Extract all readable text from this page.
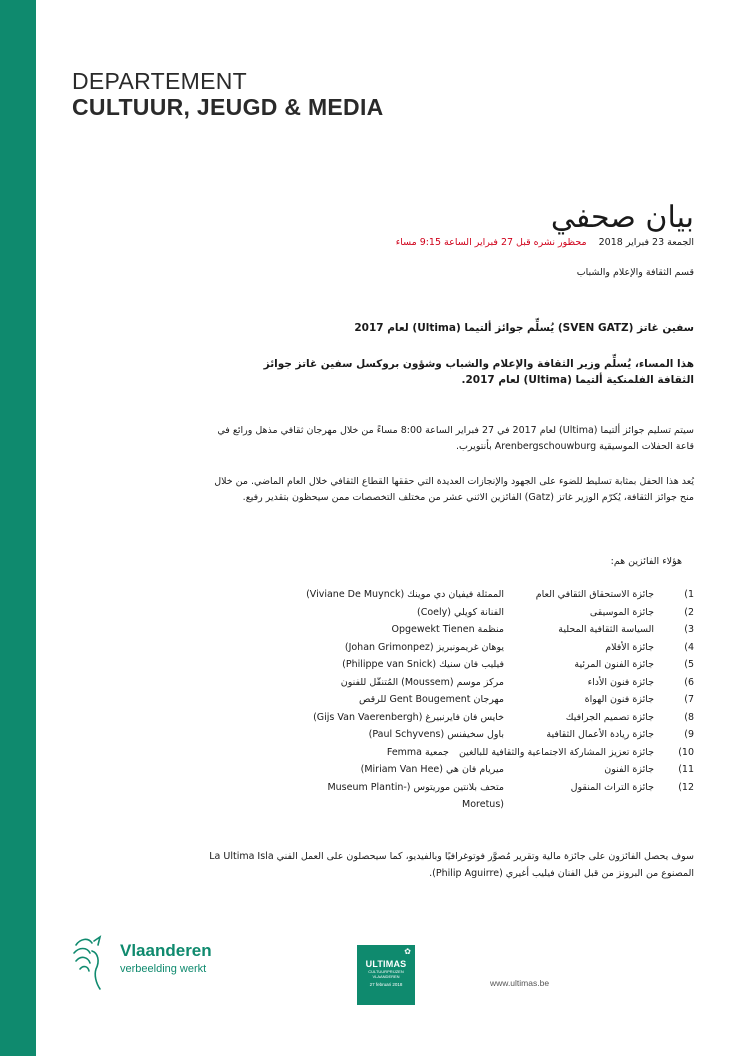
DEPARTEMENT
CULTUUR, JEUGD & MEDIA
بيان صحفي
الجمعة 23 فبراير 2018    محظور نشره قبل 27 فبراير الساعة 9:15 مساء
قسم الثقافة والإعلام والشباب
سفين غاتز (SVEN GATZ) يُسلِّم جوائز ألتيما (Ultima) لعام 2017
هذا المساء، يُسلِّم وزير الثقافة والإعلام والشباب وشؤون بروكسل سفين غاتز جوائز الثقافة الفلمنكية ألتيما (Ultima) لعام 2017.
سيتم تسليم جوائز ألتيما (Ultima) لعام 2017 في 27 فبراير الساعة 8:00 مساءً من خلال مهرجان ثقافي مذهل ورائع في قاعة الحفلات الموسيقية Arenbergschouwburg بأنتويرب.
يُعد هذا الحفل بمثابة تسليط للضوء على الجهود والإنجازات العديدة التي حققها القطاع الثقافي خلال العام الماضي. من خلال منح جوائز الثقافة، يُكرّم الوزير غاتز (Gatz) الفائزين الاثني عشر من مختلف التخصصات ممن سيحظون بتقدير رفيع.
هؤلاء الفائزين هم:
1)
جائزة الاستحقاق الثقافي العام
الممثلة فيفيان دي موينك (Viviane De Muynck)
2)
جائزة الموسيقى
الفنانة كويلي (Coely)
3)
السياسة الثقافية المحلية
منظمة Opgewekt Tienen
4)
جائزة الأفلام
يوهان غريمونبريز (Johan Grimonpez)
5)
جائزة الفنون المرئية
فيليب فان سنيك (Philippe van Snick)
6)
جائزة فنون الأداء
مركز موسم (Moussem) المُتنقّل للفنون
7)
جائزة فنون الهواة
مهرجان Gent Bougement للرقص
8)
جائزة تصميم الجرافيك
خايس فان فايرنبيرغ (Gijs Van Vaerenbergh)
9)
جائزة ريادة الأعمال الثقافية
باول سخيفنس (Paul Schyvens)
10)
جائزة تعزيز المشاركة الاجتماعية والثقافية للبالغين
جمعية Femma
11)
جائزة الفنون
ميريام فان هي (Miriam Van Hee)
12)
جائزة التراث المنقول
متحف بلانتين موريتوس (-Museum Plantin
(Moretus
سوف يحصل الفائزون على جائزة مالية وتقرير مُصوَّر فوتوغرافيًا وبالفيديو، كما سيحصلون على العمل الفني La Ultima Isla المصنوع من البرونز من قبل الفنان فيليب أغيري (Philip Aguirre).
Vlaanderen
verbeelding werkt
✿
ULTIMAS
CULTUURPRIJZEN
VLAANDEREN
27 februari 2018	www.ultimas.be
